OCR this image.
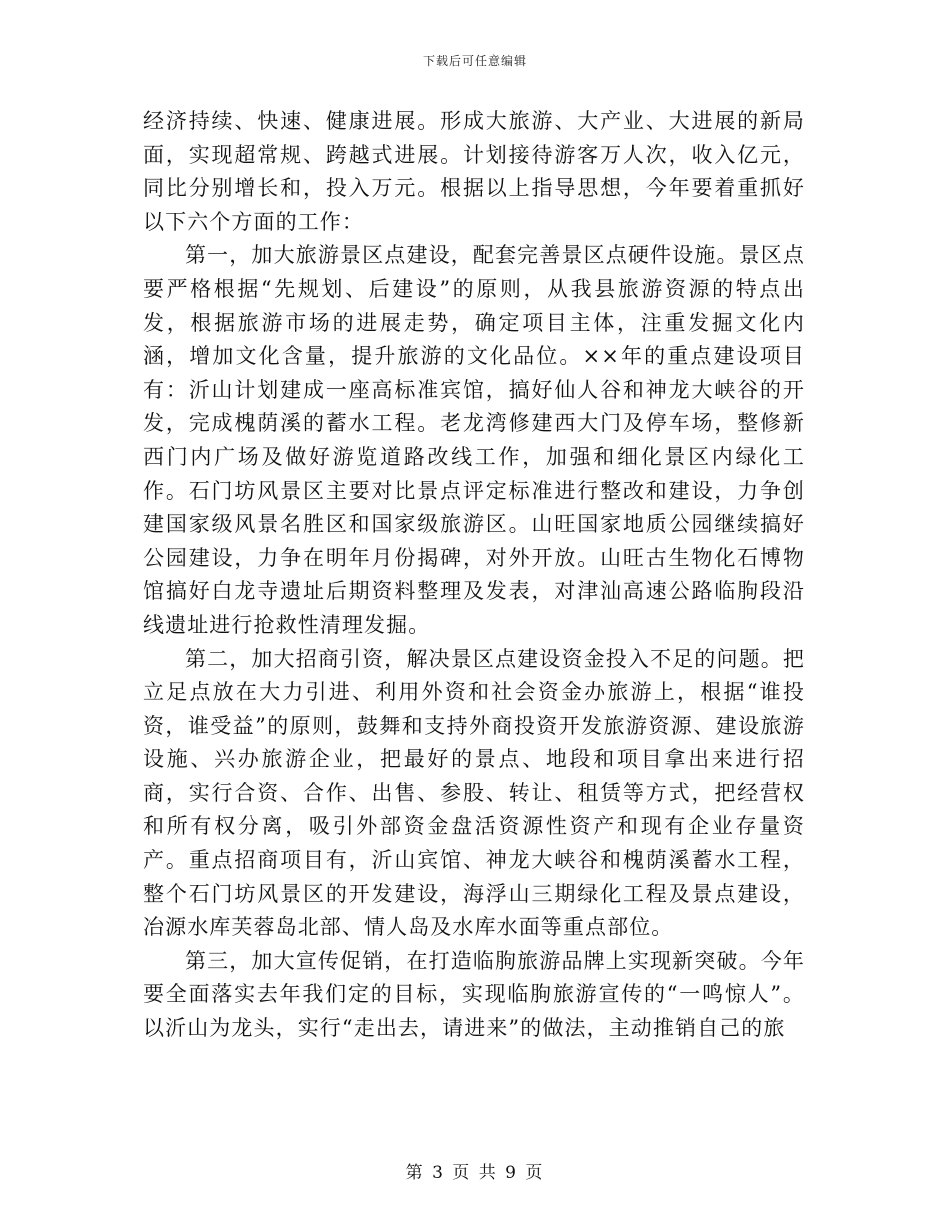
下载后可任意编辑

经济持续、快速、健康进展。形成大旅游、大产业、大进展的新局面，实现超常规、跨越式进展。计划接待游客万人次，收入亿元，同比分别增长和，投入万元。根据以上指导思想，今年要着重抓好以下六个方面的工作：

第一，加大旅游景区点建设，配套完善景区点硬件设施。景区点要严格根据“先规划、后建设”的原则，从我县旅游资源的特点出发，根据旅游市场的进展走势，确定项目主体，注重发掘文化内涵，增加文化含量，提升旅游的文化品位。××年的重点建设项目有：沂山计划建成一座高标准宾馆，搞好仙人谷和神龙大峡谷的开发，完成槐荫溪的蓄水工程。老龙湾修建西大门及停车场，整修新西门内广场及做好游览道路改线工作，加强和细化景区内绿化工作。石门坊风景区主要对比景点评定标准进行整改和建设，力争创建国家级风景名胜区和国家级旅游区。山旺国家地质公园继续搞好公园建设，力争在明年月份揭碑，对外开放。山旺古生物化石博物馆搞好白龙寺遗址后期资料整理及发表，对津汕高速公路临朐段沿线遗址进行抢救性清理发掘。

第二，加大招商引资，解决景区点建设资金投入不足的问题。把立足点放在大力引进、利用外资和社会资金办旅游上，根据“谁投资，谁受益”的原则，鼓舞和支持外商投资开发旅游资源、建设旅游设施、兴办旅游企业，把最好的景点、地段和项目拿出来进行招商，实行合资、合作、出售、参股、转让、租赁等方式，把经营权和所有权分离，吸引外部资金盘活资源性资产和现有企业存量资产。重点招商项目有，沂山宾馆、神龙大峡谷和槐荫溪蓄水工程，整个石门坊风景区的开发建设，海浮山三期绿化工程及景点建设，冶源水库芙蓉岛北部、情人岛及水库水面等重点部位。

第三，加大宣传促销，在打造临朐旅游品牌上实现新突破。今年要全面落实去年我们定的目标，实现临朐旅游宣传的“一鸣惊人”。以沂山为龙头，实行“走出去，请进来”的做法，主动推销自己的旅

第 3 页 共 9 页
